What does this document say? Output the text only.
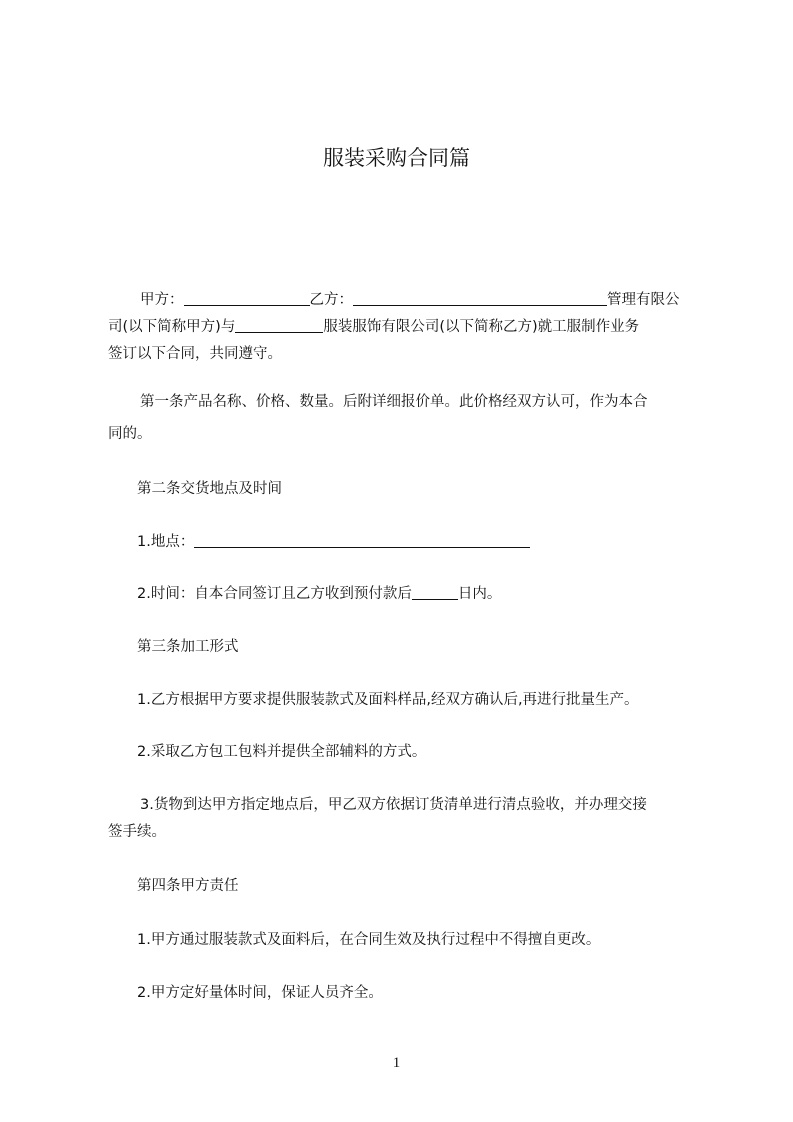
服装采购合同篇
甲方：	乙方：	管理有限公
司(以下简称甲方)与	服装服饰有限公司(以下简称乙方)就工服制作业务
签订以下合同，共同遵守。
第一条产品名称、价格、数量。后附详细报价单。此价格经双方认可，作为本合
同的。
第二条交货地点及时间
1.地点：
2.时间：自本合同签订且乙方收到预付款后	日内。
第三条加工形式
1.乙方根据甲方要求提供服装款式及面料样品,经双方确认后,再进行批量生产。
2.采取乙方包工包料并提供全部辅料的方式。
3.货物到达甲方指定地点后，甲乙双方依据订货清单进行清点验收，并办理交接
签手续。
第四条甲方责任
1.甲方通过服装款式及面料后，在合同生效及执行过程中不得擅自更改。
2.甲方定好量体时间，保证人员齐全。
1
